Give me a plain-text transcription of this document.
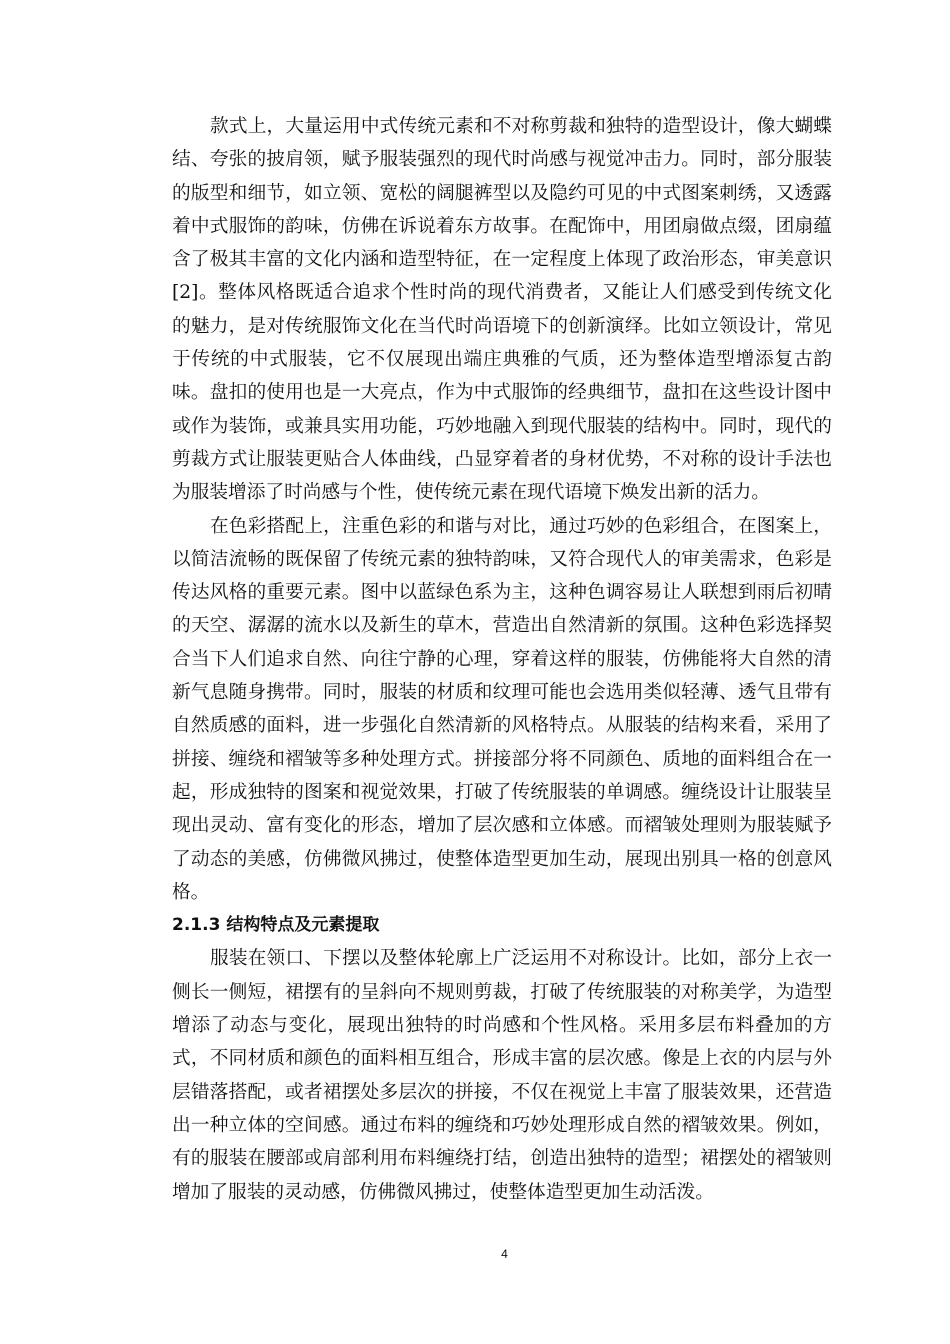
款式上，大量运用中式传统元素和不对称剪裁和独特的造型设计，像大蝴蝶结、夸张的披肩领，赋予服装强烈的现代时尚感与视觉冲击力。同时，部分服装的版型和细节，如立领、宽松的阔腿裤型以及隐约可见的中式图案刺绣，又透露着中式服饰的韵味，仿佛在诉说着东方故事。在配饰中，用团扇做点缀，团扇蕴含了极其丰富的文化内涵和造型特征，在一定程度上体现了政治形态，审美意识[2]。整体风格既适合追求个性时尚的现代消费者，又能让人们感受到传统文化的魅力，是对传统服饰文化在当代时尚语境下的创新演绎。比如立领设计，常见于传统的中式服装，它不仅展现出端庄典雅的气质，还为整体造型增添复古韵味。盘扣的使用也是一大亮点，作为中式服饰的经典细节，盘扣在这些设计图中或作为装饰，或兼具实用功能，巧妙地融入到现代服装的结构中。同时，现代的剪裁方式让服装更贴合人体曲线，凸显穿着者的身材优势，不对称的设计手法也为服装增添了时尚感与个性，使传统元素在现代语境下焕发出新的活力。

在色彩搭配上，注重色彩的和谐与对比，通过巧妙的色彩组合，在图案上，以简洁流畅的既保留了传统元素的独特韵味，又符合现代人的审美需求，色彩是传达风格的重要元素。图中以蓝绿色系为主，这种色调容易让人联想到雨后初晴的天空、潺潺的流水以及新生的草木，营造出自然清新的氛围。这种色彩选择契合当下人们追求自然、向往宁静的心理，穿着这样的服装，仿佛能将大自然的清新气息随身携带。同时，服装的材质和纹理可能也会选用类似轻薄、透气且带有自然质感的面料，进一步强化自然清新的风格特点。从服装的结构来看，采用了拼接、缠绕和褶皱等多种处理方式。拼接部分将不同颜色、质地的面料组合在一起，形成独特的图案和视觉效果，打破了传统服装的单调感。缠绕设计让服装呈现出灵动、富有变化的形态，增加了层次感和立体感。而褶皱处理则为服装赋予了动态的美感，仿佛微风拂过，使整体造型更加生动，展现出别具一格的创意风格。

2.1.3 结构特点及元素提取

服装在领口、下摆以及整体轮廓上广泛运用不对称设计。比如，部分上衣一侧长一侧短，裙摆有的呈斜向不规则剪裁，打破了传统服装的对称美学，为造型增添了动态与变化，展现出独特的时尚感和个性风格。采用多层布料叠加的方式，不同材质和颜色的面料相互组合，形成丰富的层次感。像是上衣的内层与外层错落搭配，或者裙摆处多层次的拼接，不仅在视觉上丰富了服装效果，还营造出一种立体的空间感。通过布料的缠绕和巧妙处理形成自然的褶皱效果。例如，有的服装在腰部或肩部利用布料缠绕打结，创造出独特的造型；裙摆处的褶皱则增加了服装的灵动感，仿佛微风拂过，使整体造型更加生动活泼。

4
